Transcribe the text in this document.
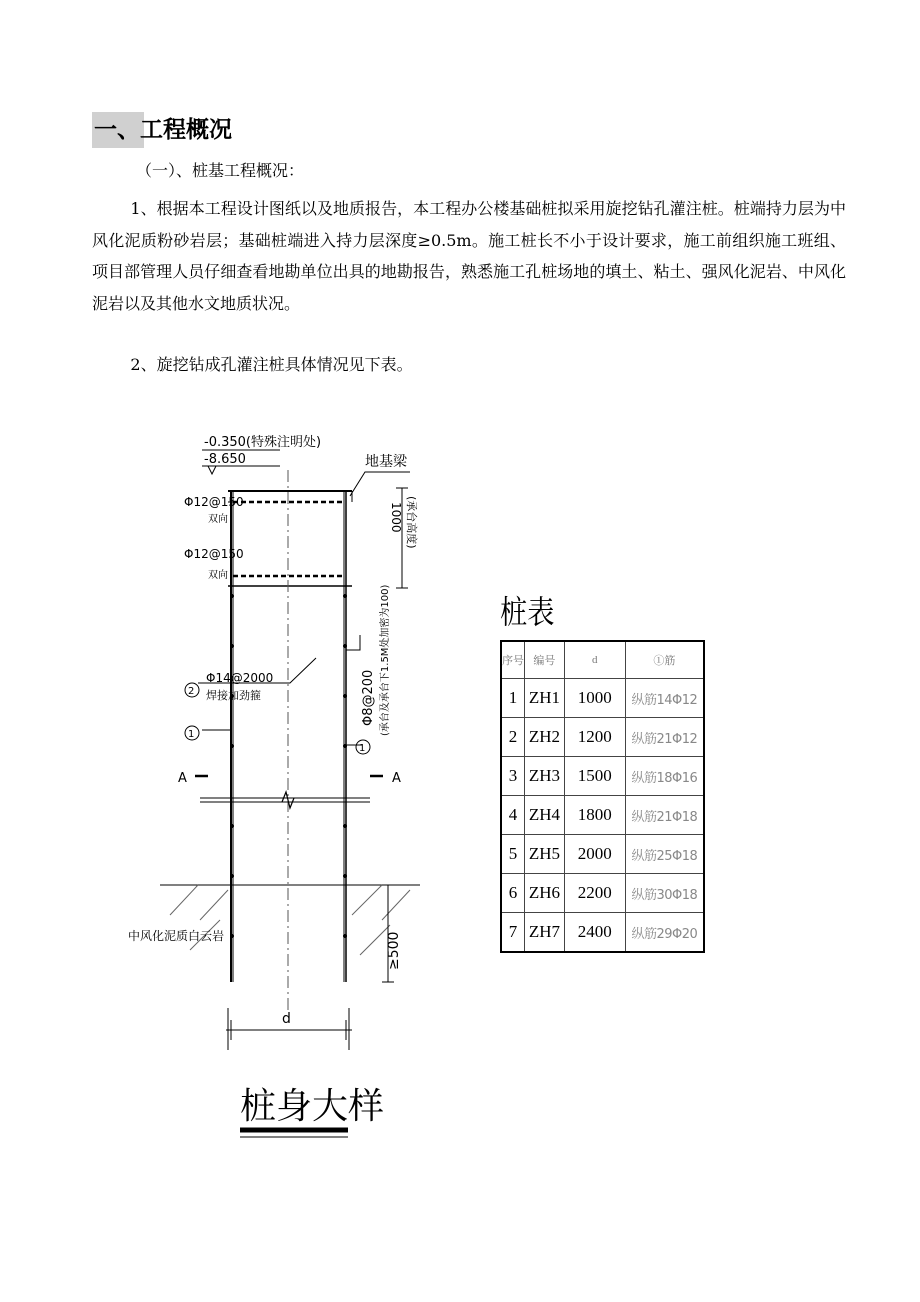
一、工程概况

（一）、桩基工程概况：

1、根据本工程设计图纸以及地质报告，本工程办公楼基础桩拟采用旋挖钻孔灌注桩。桩端持力层为中风化泥质粉砂岩层；基础桩端进入持力层深度≥0.5m。施工桩长不小于设计要求，施工前组织施工班组、项目部管理人员仔细查看地勘单位出具的地勘报告，熟悉施工孔桩场地的填土、粘土、强风化泥岩、中风化泥岩以及其他水文地质状况。

2、旋挖钻成孔灌注桩具体情况见下表。

-0.350(特殊注明处)
-8.650	地基梁
Φ12@150
双向
Φ12@150
双向
Φ14@2000
焊接加劲箍
2
1
1
A	A
中风化泥质白云岩
d
桩身大样
1000 (承台高度)
Φ8@200 (承台及承台下1.5M处加密为100)
≥500
桩表
序号	编号	d	①筋
1	ZH1	1000	纵筋14Φ12
2	ZH2	1200	纵筋21Φ12
3	ZH3	1500	纵筋18Φ16
4	ZH4	1800	纵筋21Φ18
5	ZH5	2000	纵筋25Φ18
6	ZH6	2200	纵筋30Φ18
7	ZH7	2400	纵筋29Φ20
